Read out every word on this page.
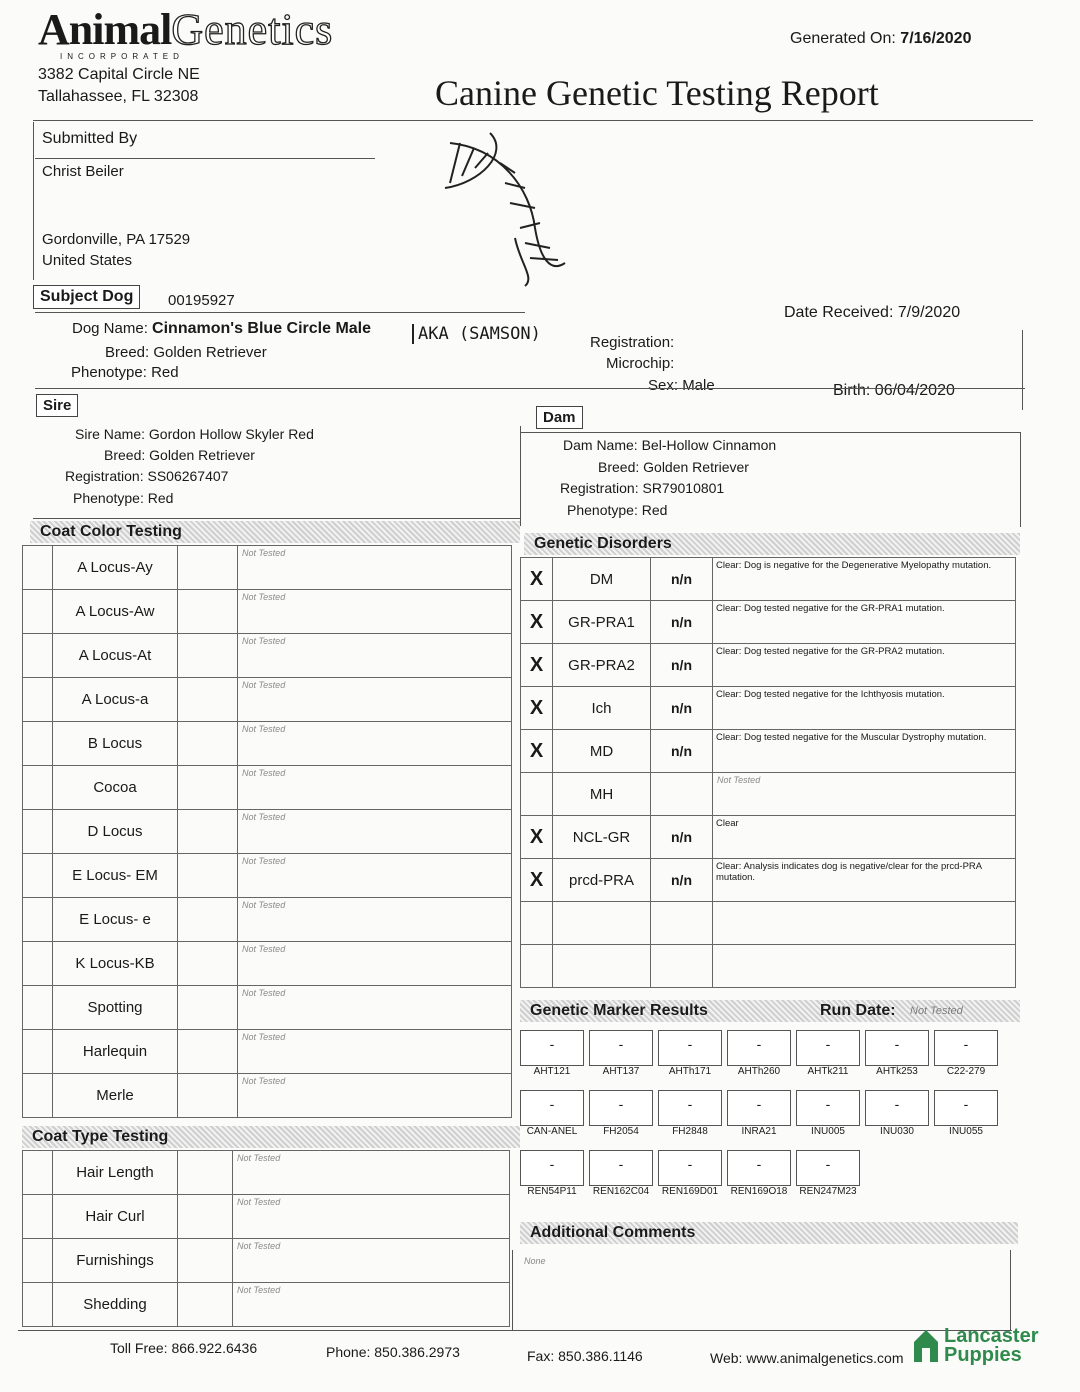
AnimalGenetics
INCORPORATED
3382 Capital Circle NE
Tallahassee, FL 32308
Generated On: 7/16/2020
Canine Genetic Testing Report
Submitted By
Christ Beiler
Gordonville, PA 17529
United States
Subject Dog	00195927
Date Received: 7/9/2020
Dog Name: Cinnamon's Blue Circle Male	AKA (SAMSON)
Breed: Golden Retriever
Phenotype: Red
Registration:
Microchip:
Sex: Male	Birth: 06/04/2020
Sire
Sire Name: Gordon Hollow Skyler Red
Breed: Golden Retriever
Registration: SS06267407
Phenotype: Red
Dam
Dam Name: Bel-Hollow Cinnamon
Breed: Golden Retriever
Registration: SR79010801
Phenotype: Red
Coat Color Testing
	A Locus-Ay		Not Tested
	A Locus-Aw		Not Tested
	A Locus-At		Not Tested
	A Locus-a		Not Tested
	B Locus		Not Tested
	Cocoa		Not Tested
	D Locus		Not Tested
	E Locus- EM		Not Tested
	E Locus- e		Not Tested
	K Locus-KB		Not Tested
	Spotting		Not Tested
	Harlequin		Not Tested
	Merle		Not Tested
Coat Type Testing
	Hair Length		Not Tested
	Hair Curl		Not Tested
	Furnishings		Not Tested
	Shedding		Not Tested
Genetic Disorders
X	DM	n/n	Clear: Dog is negative for the Degenerative Myelopathy mutation.
X	GR-PRA1	n/n	Clear: Dog tested negative for the GR-PRA1 mutation.
X	GR-PRA2	n/n	Clear: Dog tested negative for the GR-PRA2 mutation.
X	Ich	n/n	Clear: Dog tested negative for the Ichthyosis mutation.
X	MD	n/n	Clear: Dog tested negative for the Muscular Dystrophy mutation.
	MH		Not Tested
X	NCL-GR	n/n	Clear
X	prcd-PRA	n/n	Clear: Analysis indicates dog is negative/clear for the prcd-PRA mutation.

Genetic Marker Results	Run Date: Not Tested
-
AHT121
-
AHT137
-
AHTh171
-
AHTh260
-
AHTk211
-
AHTk253
-
C22-279
-
CAN-ANEL
-
FH2054
-
FH2848
-
INRA21
-
INU005
-
INU030
-
INU055
-
REN54P11
-
REN162C04
-
REN169D01
-
REN169O18
-
REN247M23
Additional Comments
None
Toll Free: 866.922.6436	Phone: 850.386.2973	Fax: 850.386.1146	Web: www.animalgenetics.com
Lancaster
Puppies
